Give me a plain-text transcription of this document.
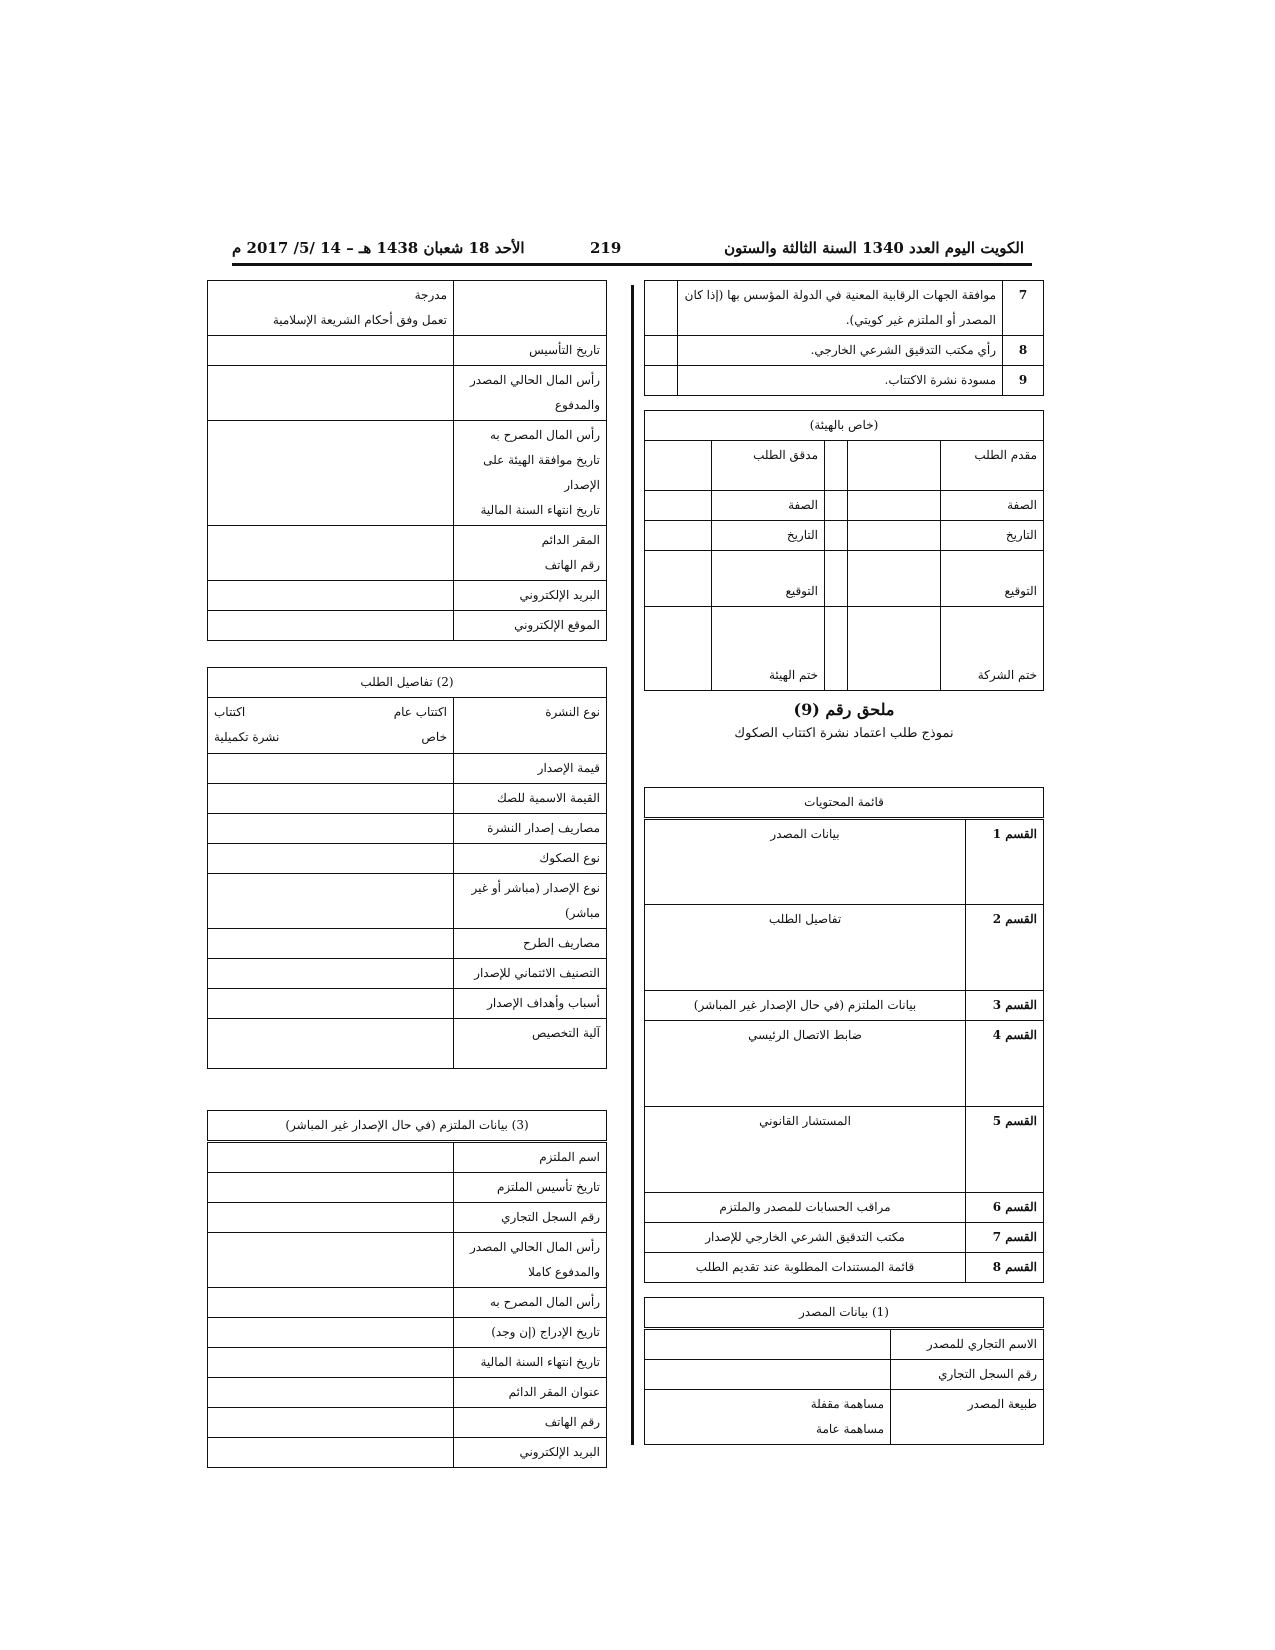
الكويت اليوم العدد 1340 السنة الثالثة والستون
219
الأحد 18 شعبان 1438 هـ – 14 /5/ 2017 م
7	موافقة الجهات الرقابية المعنية في الدولة المؤسس بها (إذا كان المصدر أو الملتزم غير كويتي).	
8	رأي مكتب التدقيق الشرعي الخارجي.	
9	مسودة نشرة الاكتتاب.	
(خاص بالهيئة)				
مقدم الطلب			مدقق الطلب	
الصفة			الصفة	
التاريخ			التاريخ	
التوقيع			التوقيع	
ختم الشركة			ختم الهيئة	
ملحق رقم (9)
نموذج طلب اعتماد نشرة اكتتاب الصكوك
قائمة المحتويات	
القسم 1	بيانات المصدر
القسم 2	تفاصيل الطلب
القسم 3	بيانات الملتزم (في حال الإصدار غير المباشر)
القسم 4	ضابط الاتصال الرئيسي
القسم 5	المستشار القانوني
القسم 6	مراقب الحسابات للمصدر والملتزم
القسم 7	مكتب التدقيق الشرعي الخارجي للإصدار
القسم 8	قائمة المستندات المطلوبة عند تقديم الطلب
(1) بيانات المصدر	
الاسم التجاري للمصدر	
رقم السجل التجاري	
طبيعة المصدر	مساهمة مقفلة
مساهمة عامة

	مدرجة
تعمل وفق أحكام الشريعة الإسلامية

تاريخ التأسيس	
رأس المال الحالي المصدر والمدفوع	

رأس المال المصرح به
تاريخ موافقة الهيئة على الإصدار
تاريخ انتهاء السنة المالية	

المقر الدائم
رقم الهاتف	

البريد الإلكتروني	
الموقع الإلكتروني	
(2) تفاصيل الطلب	
نوع النشرة	اكتتاب عام
اكتتاب
خاص
نشرة تكميلية

قيمة الإصدار	
القيمة الاسمية للصك	
مصاريف إصدار النشرة	
نوع الصكوك	
نوع الإصدار (مباشر أو غير مباشر)	
مصاريف الطرح	
التصنيف الائتماني للإصدار	
أسباب وأهداف الإصدار	
آلية التخصيص	
(3) بيانات الملتزم (في حال الإصدار غير المباشر)	
اسم الملتزم	
تاريخ تأسيس الملتزم	
رقم السجل التجاري	
رأس المال الحالي المصدر والمدفوع كاملا	
رأس المال المصرح به	
تاريخ الإدراج (إن وجد)	
تاريخ انتهاء السنة المالية	
عنوان المقر الدائم	
رقم الهاتف	
البريد الإلكتروني	
